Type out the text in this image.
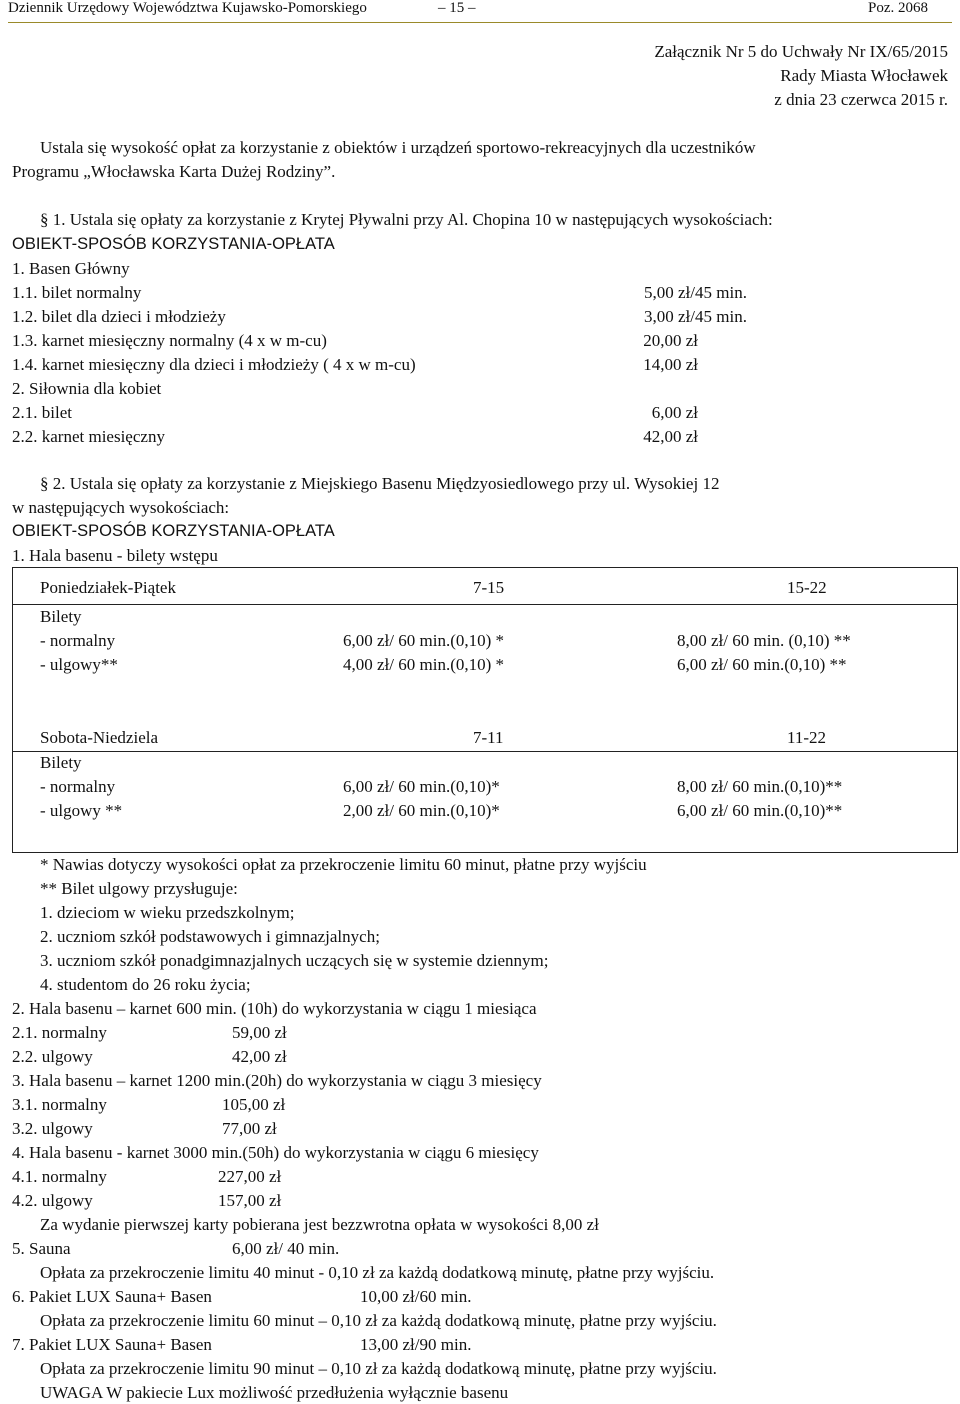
Dziennik Urzędowy Województwa Kujawsko-Pomorskiego	– 15 –	Poz. 2068
Załącznik Nr 5 do Uchwały Nr IX/65/2015
Rady Miasta Włocławek
z dnia 23 czerwca 2015 r.
Ustala się wysokość opłat za korzystanie z obiektów i urządzeń sportowo-rekreacyjnych dla uczestników
Programu „Włocławska Karta Dużej Rodziny”.
§ 1. Ustala się opłaty za korzystanie z Krytej Pływalni przy Al. Chopina 10 w następujących wysokościach:
OBIEKT-SPOSÓB KORZYSTANIA-OPŁATA
1. Basen Główny
1.1. bilet normalny	5,00 zł/45 min.
1.2. bilet dla dzieci i młodzieży	3,00 zł/45 min.
1.3. karnet miesięczny normalny (4 x w m-cu)	20,00 zł
1.4. karnet miesięczny dla dzieci i młodzieży ( 4 x w m-cu)	14,00 zł
2. Siłownia dla kobiet
2.1. bilet	6,00 zł
2.2. karnet miesięczny	42,00 zł
§ 2. Ustala się opłaty za korzystanie z Miejskiego Basenu Międzyosiedlowego przy ul. Wysokiej 12
w następujących wysokościach:
OBIEKT-SPOSÓB KORZYSTANIA-OPŁATA
1. Hala basenu - bilety wstępu
Poniedziałek-Piątek	7-15	15-22
Bilety
- normalny	6,00 zł/ 60 min.(0,10) *	8,00 zł/ 60 min. (0,10) **
- ulgowy**	4,00 zł/ 60 min.(0,10) *	6,00 zł/ 60 min.(0,10) **
Sobota-Niedziela	7-11	11-22
Bilety
- normalny	6,00 zł/ 60 min.(0,10)*	8,00 zł/ 60 min.(0,10)**
- ulgowy **	2,00 zł/ 60 min.(0,10)*	6,00 zł/ 60 min.(0,10)**
* Nawias dotyczy wysokości opłat za przekroczenie limitu 60 minut, płatne przy wyjściu
** Bilet ulgowy przysługuje:
1. dzieciom w wieku przedszkolnym;
2. uczniom szkół podstawowych i gimnazjalnych;
3. uczniom szkół ponadgimnazjalnych uczących się w systemie dziennym;
4. studentom do 26 roku życia;
2. Hala basenu – karnet 600 min. (10h) do wykorzystania w ciągu 1 miesiąca
2.1. normalny	59,00 zł
2.2. ulgowy	42,00 zł
3. Hala basenu – karnet 1200 min.(20h) do wykorzystania w ciągu 3 miesięcy
3.1. normalny	105,00 zł
3.2. ulgowy	77,00 zł
4. Hala basenu - karnet 3000 min.(50h) do wykorzystania w ciągu 6 miesięcy
4.1. normalny	227,00 zł
4.2. ulgowy	157,00 zł
Za wydanie pierwszej karty pobierana jest bezzwrotna opłata w wysokości 8,00 zł
5. Sauna	6,00 zł/ 40 min.
Opłata za przekroczenie limitu 40 minut - 0,10 zł za każdą dodatkową minutę, płatne przy wyjściu.
6. Pakiet LUX Sauna+ Basen	10,00 zł/60 min.
Opłata za przekroczenie limitu 60 minut – 0,10 zł za każdą dodatkową minutę, płatne przy wyjściu.
7. Pakiet LUX Sauna+ Basen	13,00 zł/90 min.
Opłata za przekroczenie limitu 90 minut – 0,10 zł za każdą dodatkową minutę, płatne przy wyjściu.
UWAGA W pakiecie Lux możliwość przedłużenia wyłącznie basenu
